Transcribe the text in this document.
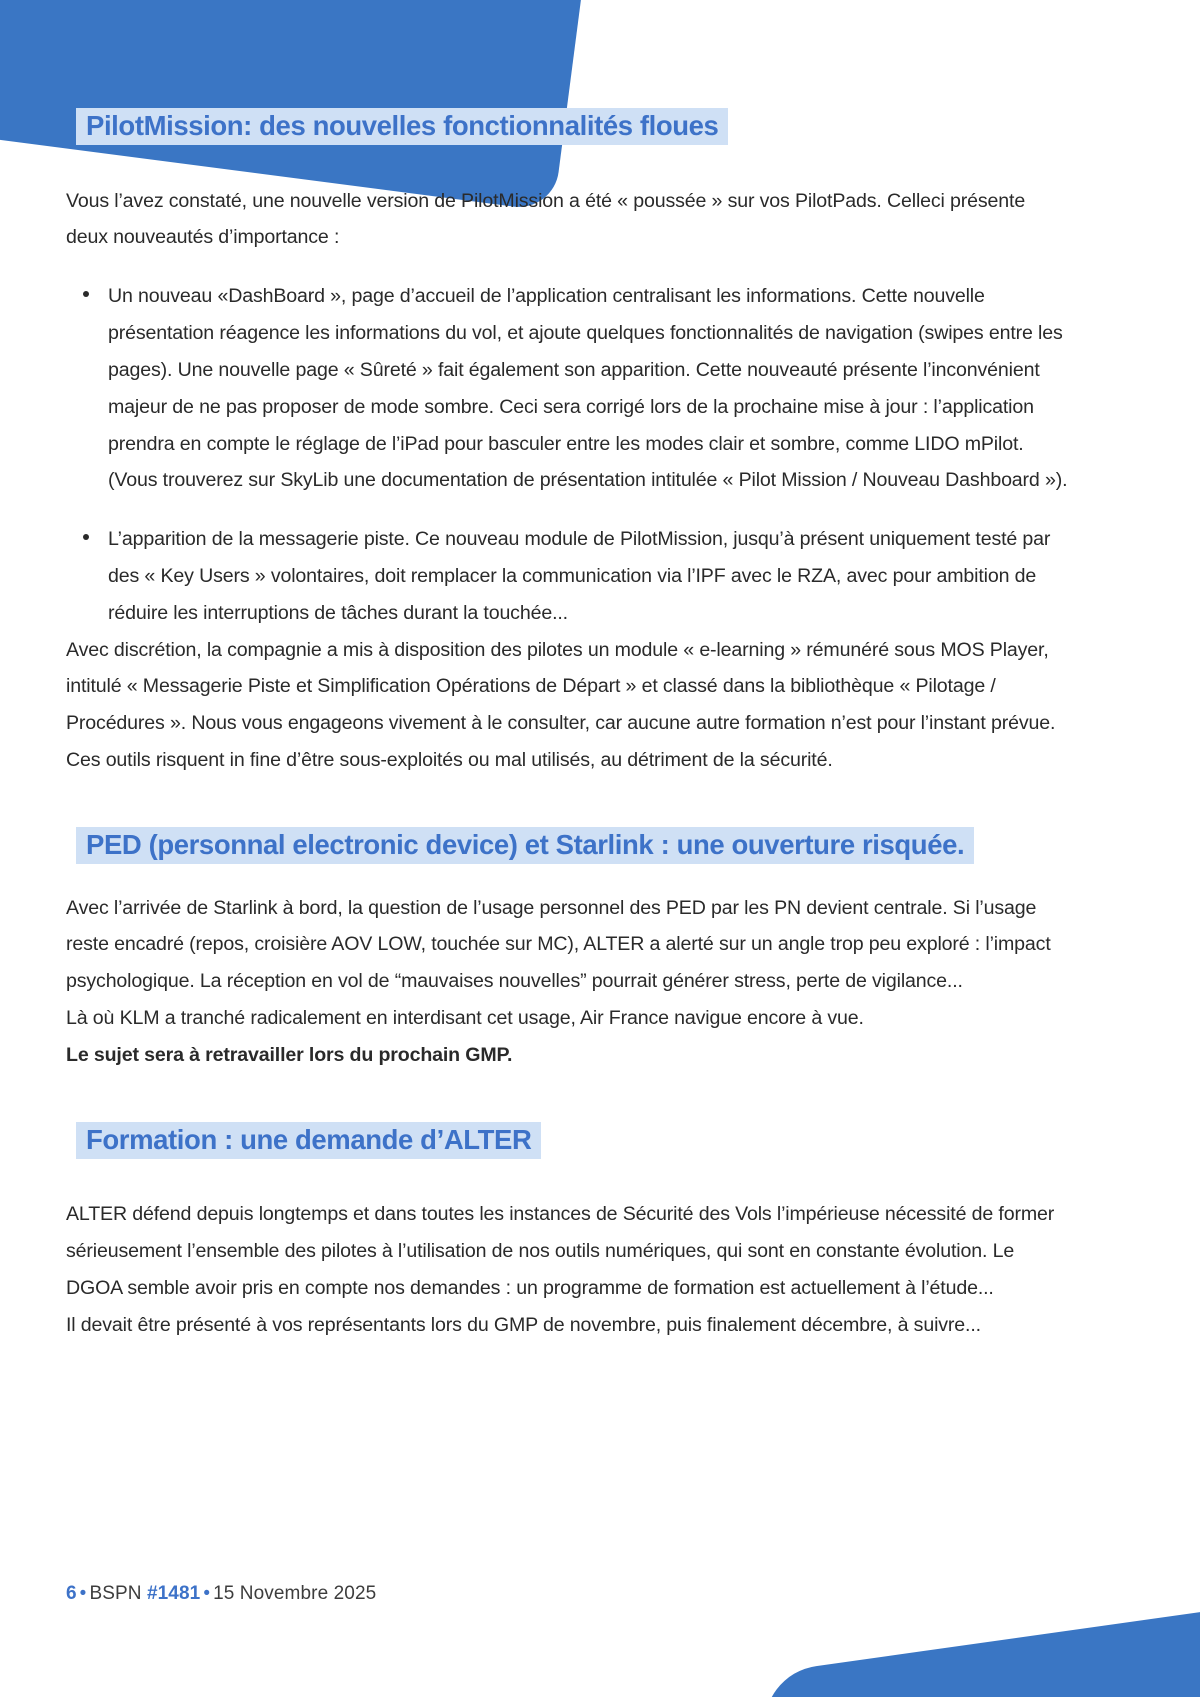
PilotMission: des nouvelles fonctionnalités floues

Vous l’avez constaté, une nouvelle version de PilotMission a été « poussée » sur vos PilotPads. Celleci présente deux nouveautés d’importance :

Un nouveau «DashBoard », page d’accueil de l’application centralisant les informations. Cette nouvelle présentation réagence les informations du vol, et ajoute quelques fonctionnalités de navigation (swipes entre les pages). Une nouvelle page « Sûreté » fait également son apparition. Cette nouveauté présente l’inconvénient majeur de ne pas proposer de mode sombre. Ceci sera corrigé lors de la prochaine mise à jour : l’application prendra en compte le réglage de l’iPad pour basculer entre les modes clair et sombre, comme LIDO mPilot. (Vous trouverez sur SkyLib une documentation de présentation intitulée « Pilot Mission / Nouveau Dashboard »).
L’apparition de la messagerie piste. Ce nouveau module de PilotMission, jusqu’à présent uniquement testé par des « Key Users » volontaires, doit remplacer la communication via l’IPF avec le RZA, avec pour ambition de réduire les interruptions de tâches durant la touchée...

Avec discrétion, la compagnie a mis à disposition des pilotes un module « e-learning » rémunéré sous MOS Player, intitulé « Messagerie Piste et Simplification Opérations de Départ » et classé dans la bibliothèque « Pilotage / Procédures ». Nous vous engageons vivement à le consulter, car aucune autre formation n’est pour l’instant prévue.

Ces outils risquent in fine d’être sous-exploités ou mal utilisés, au détriment de la sécurité.

PED (personnal electronic device) et Starlink : une ouverture risquée.

Avec l’arrivée de Starlink à bord, la question de l’usage personnel des PED par les PN devient centrale. Si l’usage reste encadré (repos, croisière AOV LOW, touchée sur MC), ALTER a alerté sur un angle trop peu exploré : l’impact psychologique. La réception en vol de “mauvaises nouvelles” pourrait générer stress, perte de vigilance...

Là où KLM a tranché radicalement en interdisant cet usage, Air France navigue encore à vue.

Le sujet sera à retravailler lors du prochain GMP.

Formation : une demande d’ALTER

ALTER défend depuis longtemps et dans toutes les instances de Sécurité des Vols l’impérieuse nécessité de former sérieusement l’ensemble des pilotes à l’utilisation de nos outils numériques, qui sont en constante évolution. Le DGOA semble avoir pris en compte nos demandes : un programme de formation est actuellement à l’étude...

Il devait être présenté à vos représentants lors du GMP de novembre, puis finalement décembre, à suivre...

6 • BSPN #1481 • 15 Novembre 2025
